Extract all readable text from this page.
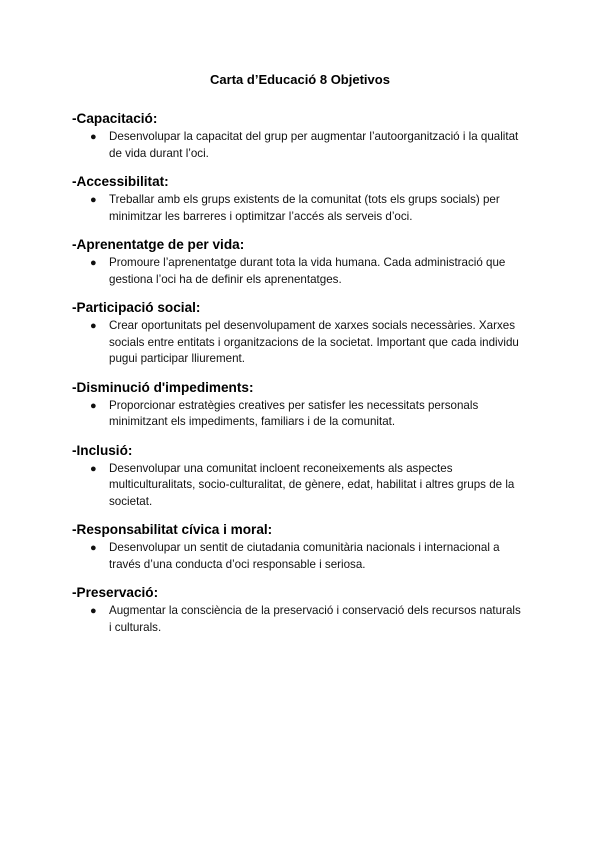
Carta d’Educació 8 Objetivos
-Capacitació:
● Desenvolupar la capacitat del grup per augmentar l’autoorganització i la qualitat de vida durant l’oci.
-Accessibilitat:
● Treballar amb els grups existents de la comunitat (tots els grups socials) per minimitzar les barreres i optimitzar l’accés als serveis d’oci.
-Aprenentatge de per vida:
● Promoure l’aprenentatge durant tota la vida humana. Cada administració que gestiona l’oci ha de definir els aprenentatges.
-Participació social:
● Crear oportunitats pel desenvolupament de xarxes socials necessàries. Xarxes socials entre entitats i organitzacions de la societat. Important que cada individu pugui participar lliurement.
-Disminució d'impediments:
● Proporcionar estratègies creatives per satisfer les necessitats personals minimitzant els impediments, familiars i de la comunitat.
-Inclusió:
● Desenvolupar una comunitat incloent reconeixements als aspectes multiculturalitats, socio-culturalitat, de gènere, edat, habilitat i altres grups de la societat.
-Responsabilitat cívica i moral:
● Desenvolupar un sentit de ciutadania comunitària nacionals i internacional a través d’una conducta d’oci responsable i seriosa.
-Preservació:
● Augmentar la consciència de la preservació i conservació dels recursos naturals i culturals.
